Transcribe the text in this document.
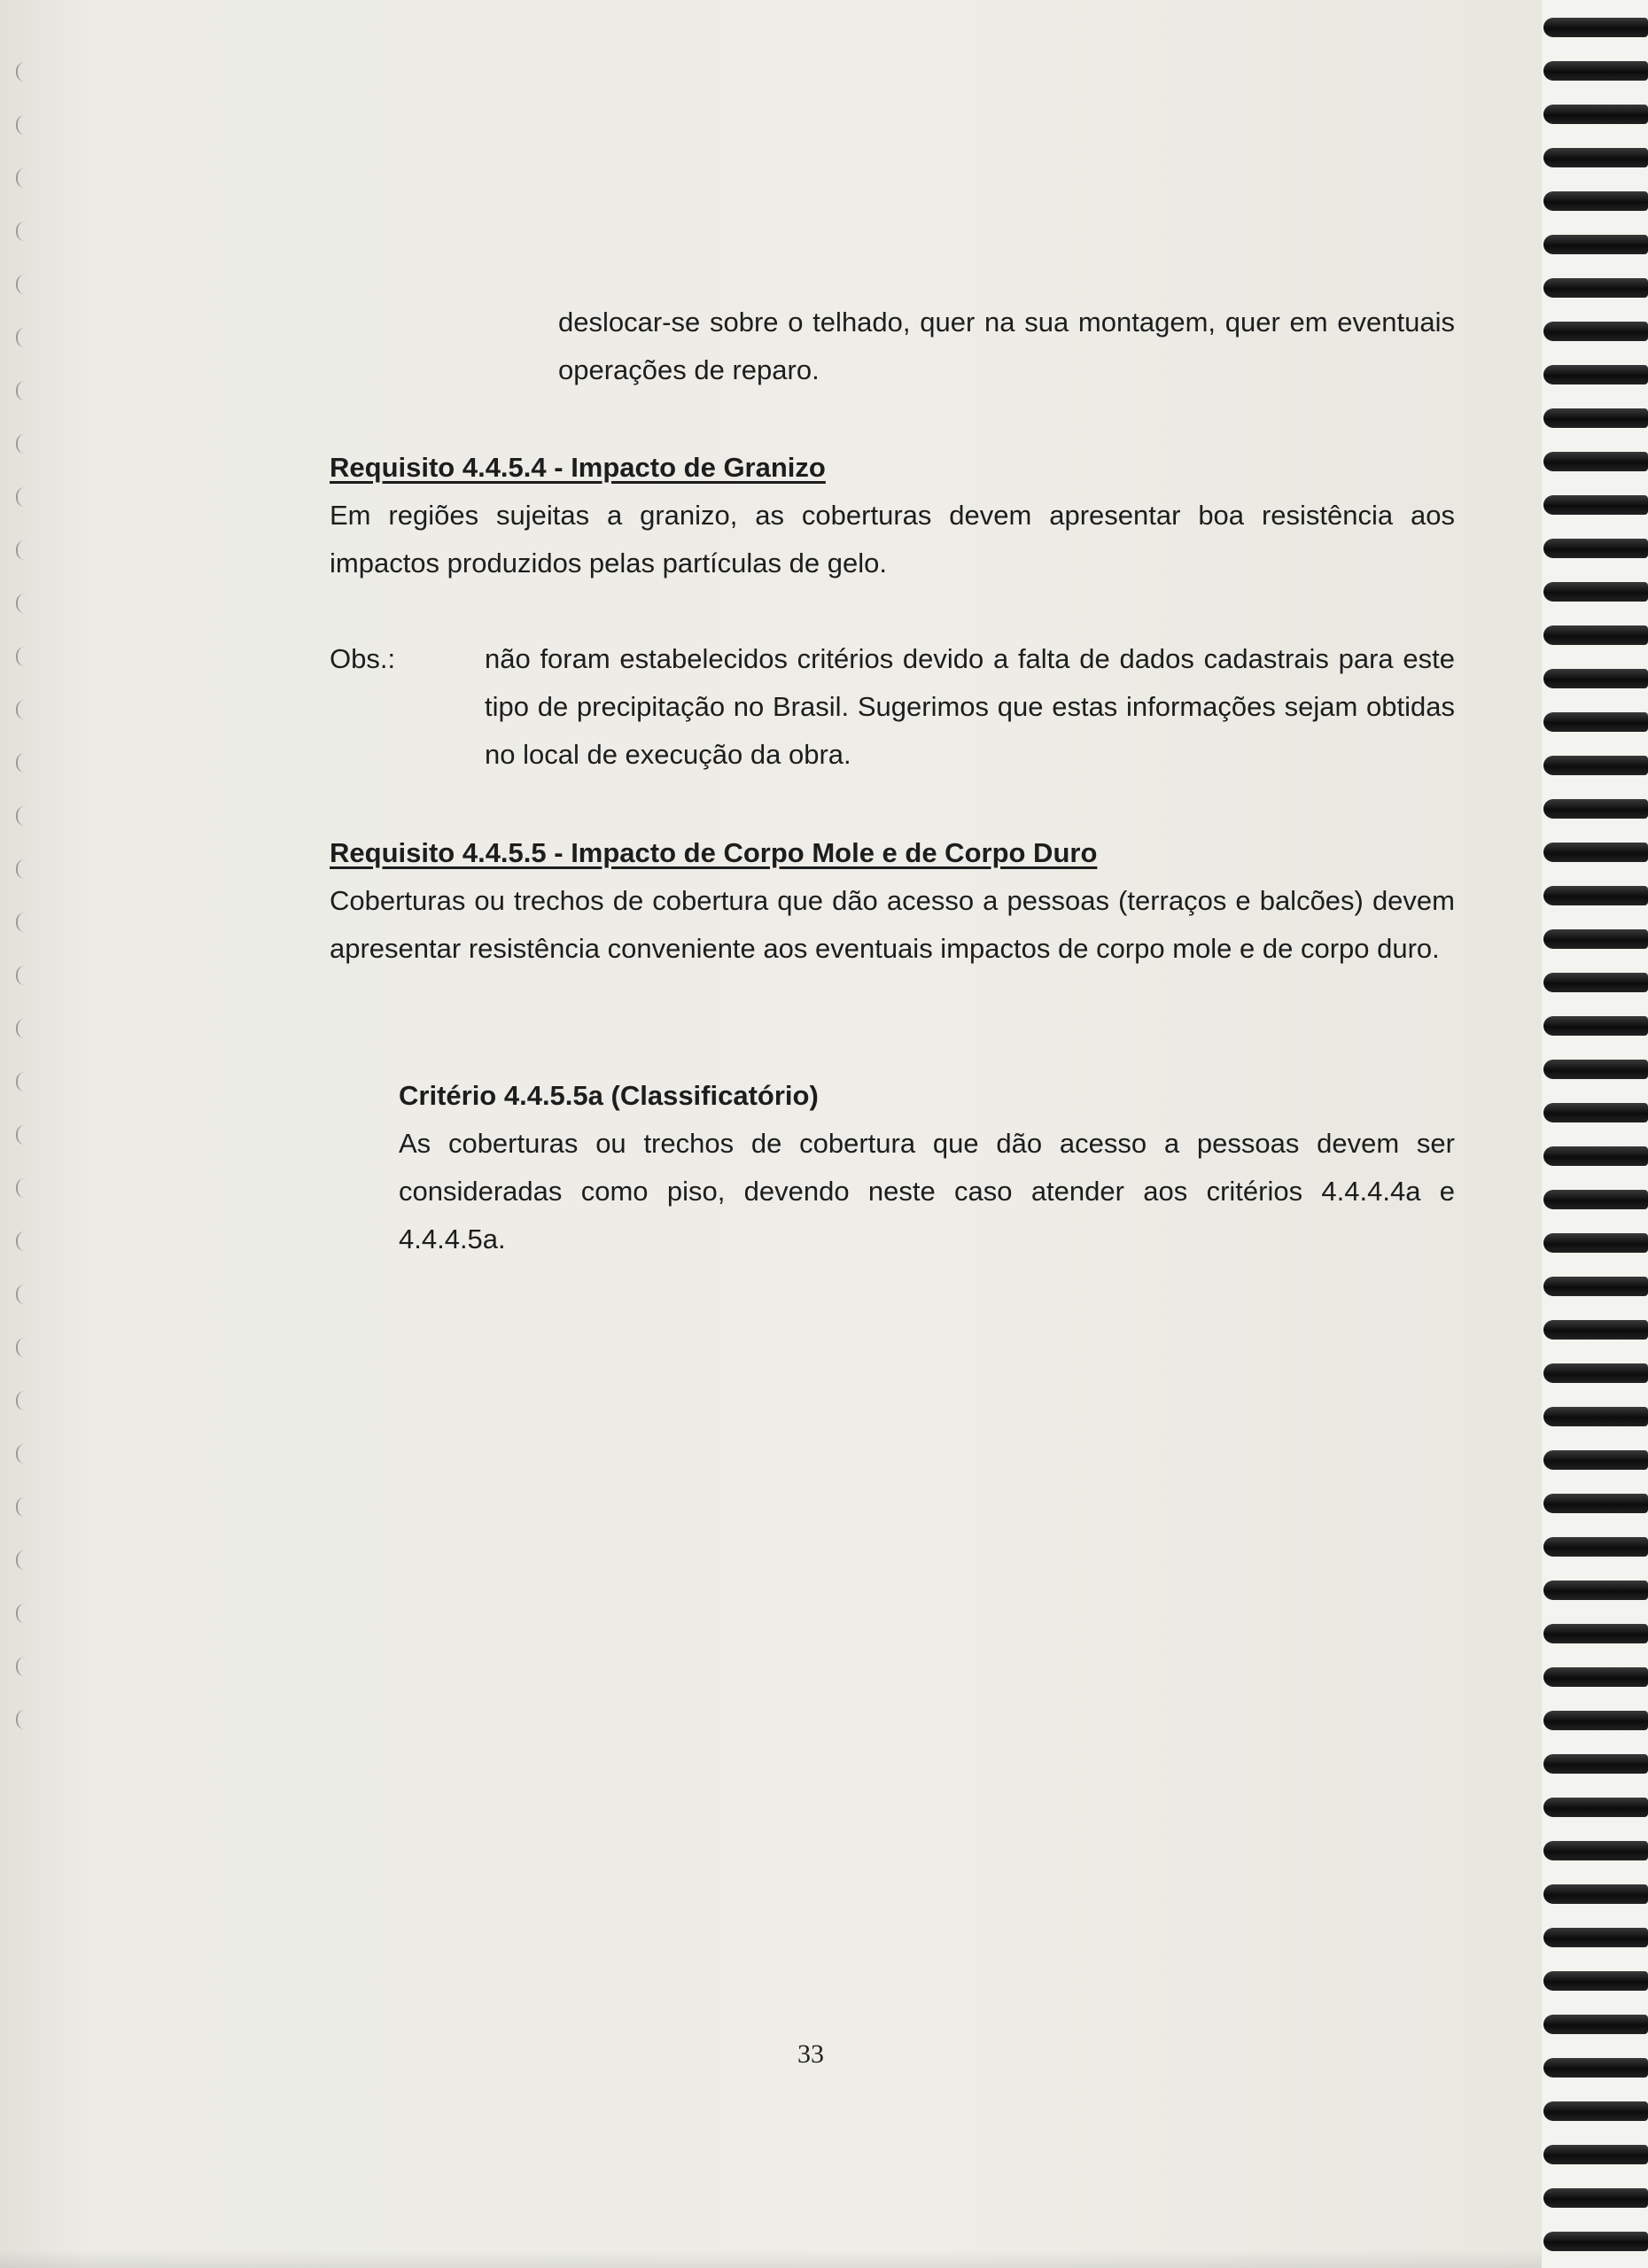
deslocar-se sobre o telhado, quer na sua montagem, quer em eventuais operações de reparo.
Requisito 4.4.5.4 - Impacto de Granizo
Em regiões sujeitas a granizo, as coberturas devem apresentar boa resistência aos impactos produzidos pelas partículas de gelo.
Obs.:	não foram estabelecidos critérios devido a falta de dados cadastrais para este tipo de precipitação no Brasil. Sugerimos que estas informações sejam obtidas no local de execução da obra.
Requisito 4.4.5.5 - Impacto de Corpo Mole e de Corpo Duro
Coberturas ou trechos de cobertura que dão acesso a pessoas (terraços e balcões) devem apresentar resistência conveniente aos eventuais impactos de corpo mole e de corpo duro.
Critério 4.4.5.5a (Classificatório)
As coberturas ou trechos de cobertura que dão acesso a pessoas devem ser consideradas como piso, devendo neste caso atender aos critérios 4.4.4.4a e 4.4.4.5a.
33
